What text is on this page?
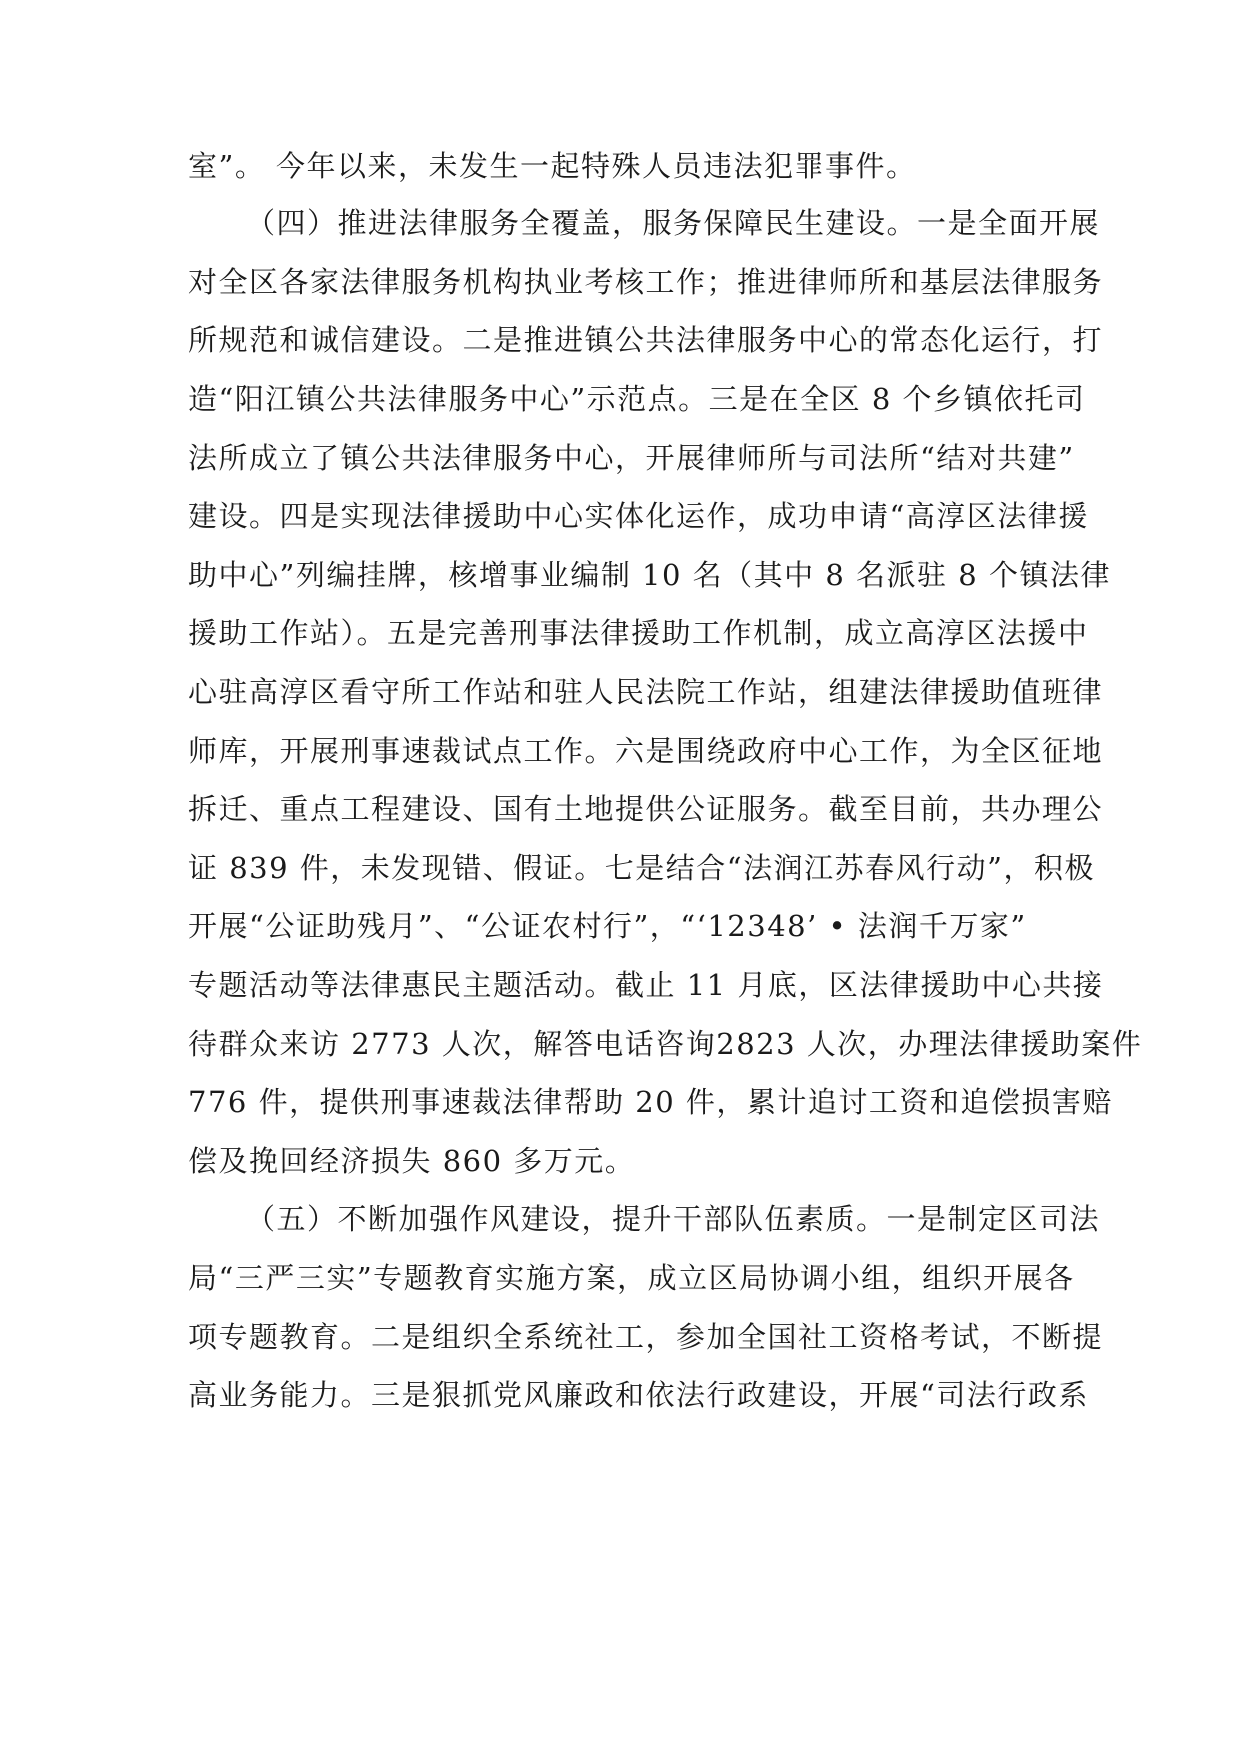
室”。 今年以来，未发生一起特殊人员违法犯罪事件。
（四）推进法律服务全覆盖，服务保障民生建设。一是全面开展
对全区各家法律服务机构执业考核工作；推进律师所和基层法律服务
所规范和诚信建设。二是推进镇公共法律服务中心的常态化运行，打
造“阳江镇公共法律服务中心”示范点。三是在全区 8 个乡镇依托司
法所成立了镇公共法律服务中心，开展律师所与司法所“结对共建”
建设。四是实现法律援助中心实体化运作，成功申请“高淳区法律援
助中心”列编挂牌，核增事业编制 10 名（其中 8 名派驻 8 个镇法律
援助工作站）。五是完善刑事法律援助工作机制，成立高淳区法援中
心驻高淳区看守所工作站和驻人民法院工作站，组建法律援助值班律
师库，开展刑事速裁试点工作。六是围绕政府中心工作，为全区征地
拆迁、重点工程建设、国有土地提供公证服务。截至目前，共办理公
证 839 件，未发现错、假证。七是结合“法润江苏春风行动”，积极
开展“公证助残月”、“公证农村行”，“‘12348’ • 法润千万家”
专题活动等法律惠民主题活动。截止 11 月底，区法律援助中心共接
待群众来访 2773 人次，解答电话咨询2823 人次，办理法律援助案件
776 件，提供刑事速裁法律帮助 20 件，累计追讨工资和追偿损害赔
偿及挽回经济损失 860 多万元。
（五）不断加强作风建设，提升干部队伍素质。一是制定区司法
局“三严三实”专题教育实施方案，成立区局协调小组，组织开展各
项专题教育。二是组织全系统社工，参加全国社工资格考试，不断提
高业务能力。三是狠抓党风廉政和依法行政建设，开展“司法行政系
